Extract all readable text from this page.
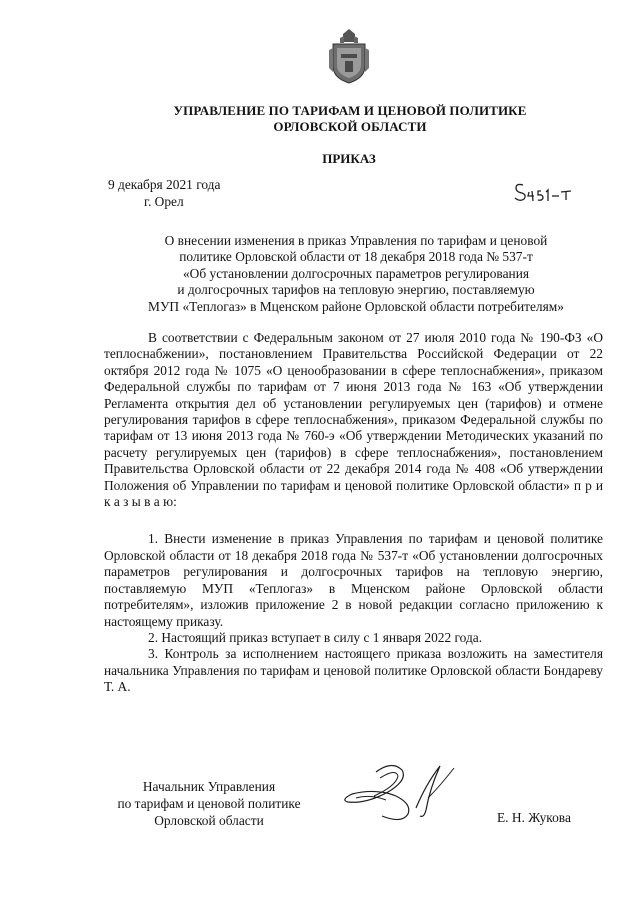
УПРАВЛЕНИЕ ПО ТАРИФАМ И ЦЕНОВОЙ ПОЛИТИКЕ
ОРЛОВСКОЙ ОБЛАСТИ
ПРИКАЗ
9 декабря 2021 года
г. Орел
О внесении изменения в приказ Управления по тарифам и ценовой
политике Орловской области от 18 декабря 2018 года № 537-т
«Об установлении долгосрочных параметров регулирования
и долгосрочных тарифов на тепловую энергию, поставляемую
МУП «Теплогаз» в Мценском районе Орловской области потребителям»

В соответствии с Федеральным законом от 27 июля 2010 года № 190-ФЗ «О теплоснабжении», постановлением Правительства Российской Федерации от 22 октября 2012 года № 1075 «О ценообразовании в сфере теплоснабжения», приказом Федеральной службы по тарифам от 7 июня 2013 года № 163 «Об утверждении Регламента открытия дел об установлении регулируемых цен (тарифов) и отмене регулирования тарифов в сфере теплоснабжения», приказом Федеральной службы по тарифам от 13 июня 2013 года № 760-э «Об утверждении Методических указаний по расчету регулируемых цен (тарифов) в сфере теплоснабжения», постановлением Правительства Орловской области от 22 декабря 2014 года № 408 «Об утверждении Положения об Управлении по тарифам и ценовой политике Орловской области» п р и к а з ы в а ю:

1. Внести изменение в приказ Управления по тарифам и ценовой политике Орловской области от 18 декабря 2018 года № 537-т «Об установлении долгосрочных параметров регулирования и долгосрочных тарифов на тепловую энергию, поставляемую МУП «Теплогаз» в Мценском районе Орловской области потребителям», изложив приложение 2 в новой редакции согласно приложению к настоящему приказу.

2. Настоящий приказ вступает в силу с 1 января 2022 года.

3. Контроль за исполнением настоящего приказа возложить на заместителя начальника Управления по тарифам и ценовой политике Орловской области Бондареву Т. А.

Начальник Управления
по тарифам и ценовой политике
Орловской области	Е. Н. Жукова
